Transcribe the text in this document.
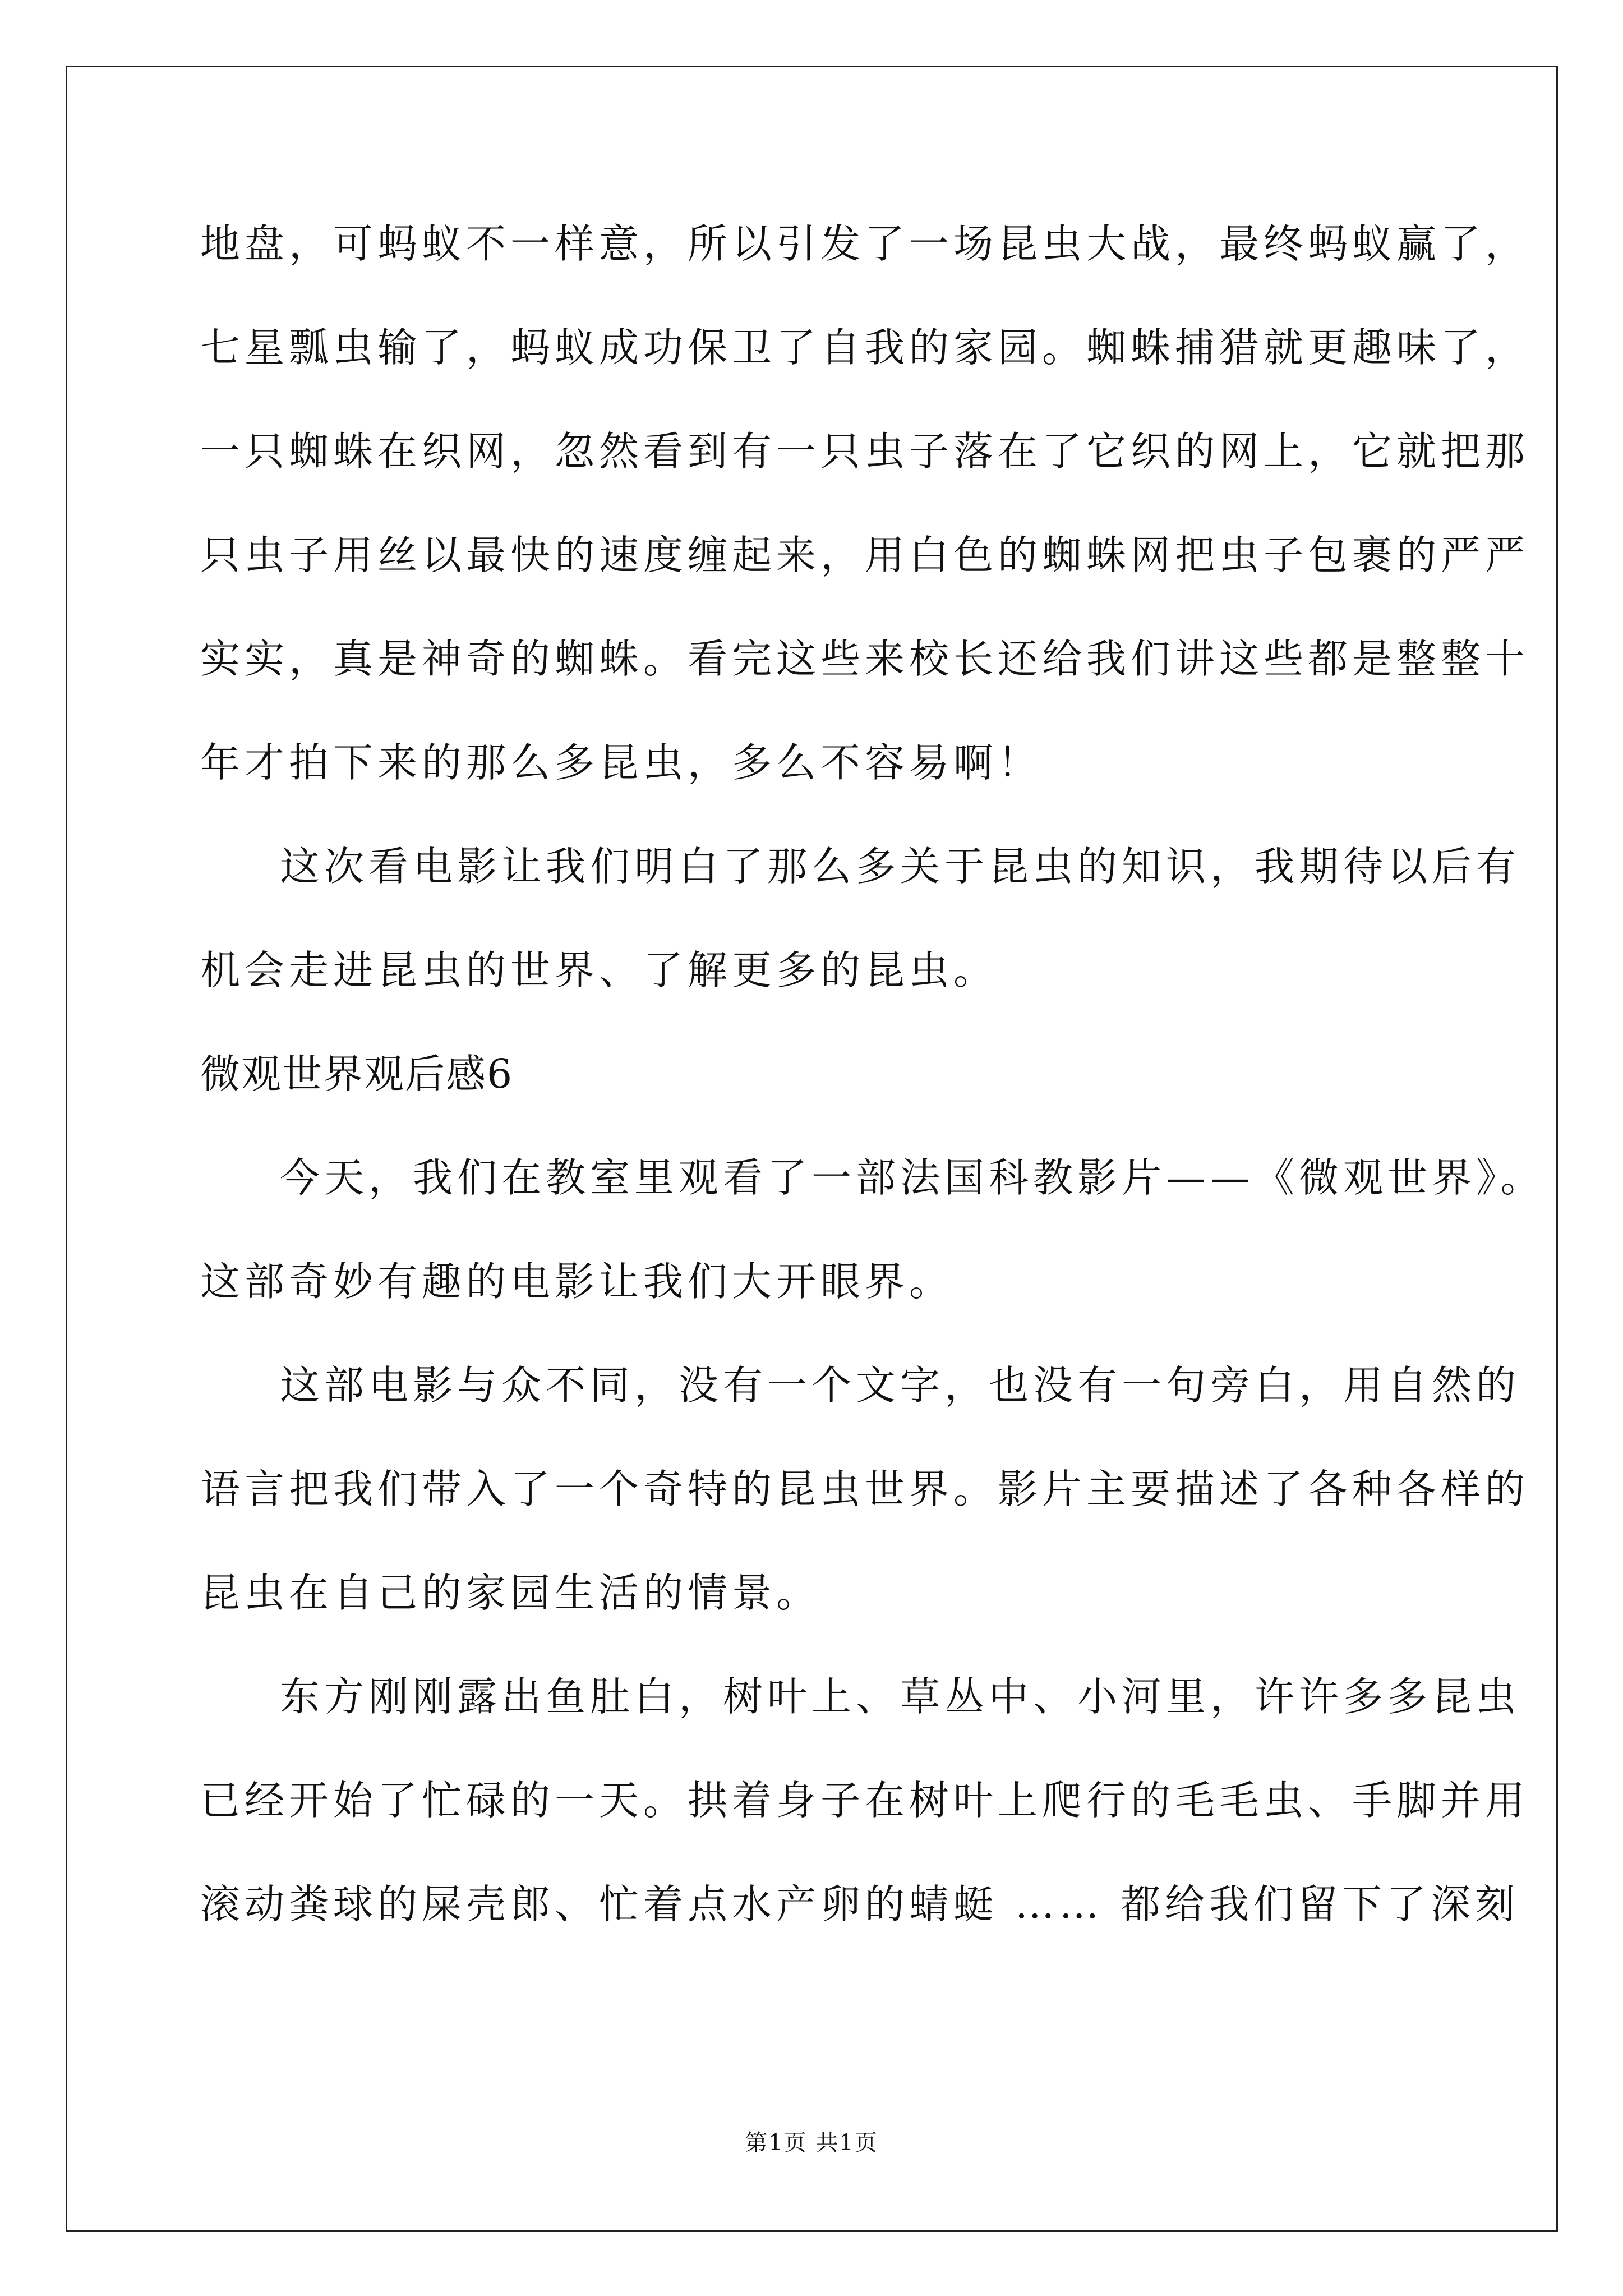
地盘，可蚂蚁不一样意，所以引发了一场昆虫大战，最终蚂蚁赢了，
七星瓢虫输了，蚂蚁成功保卫了自我的家园。蜘蛛捕猎就更趣味了，
一只蜘蛛在织网，忽然看到有一只虫子落在了它织的网上，它就把那
只虫子用丝以最快的速度缠起来，用白色的蜘蛛网把虫子包裹的严严
实实，真是神奇的蜘蛛。看完这些来校长还给我们讲这些都是整整十
年才拍下来的那么多昆虫，多么不容易啊！
这次看电影让我们明白了那么多关于昆虫的知识，我期待以后有
机会走进昆虫的世界、了解更多的昆虫。
微观世界观后感6
今天，我们在教室里观看了一部法国科教影片——《微观世界》。
这部奇妙有趣的电影让我们大开眼界。
这部电影与众不同，没有一个文字，也没有一句旁白，用自然的
语言把我们带入了一个奇特的昆虫世界。影片主要描述了各种各样的
昆虫在自己的家园生活的情景。
东方刚刚露出鱼肚白，树叶上、草丛中、小河里，许许多多昆虫
已经开始了忙碌的一天。拱着身子在树叶上爬行的毛毛虫、手脚并用
滚动粪球的屎壳郎、忙着点水产卵的蜻蜓 …… 都给我们留下了深刻
第1页 共1页
